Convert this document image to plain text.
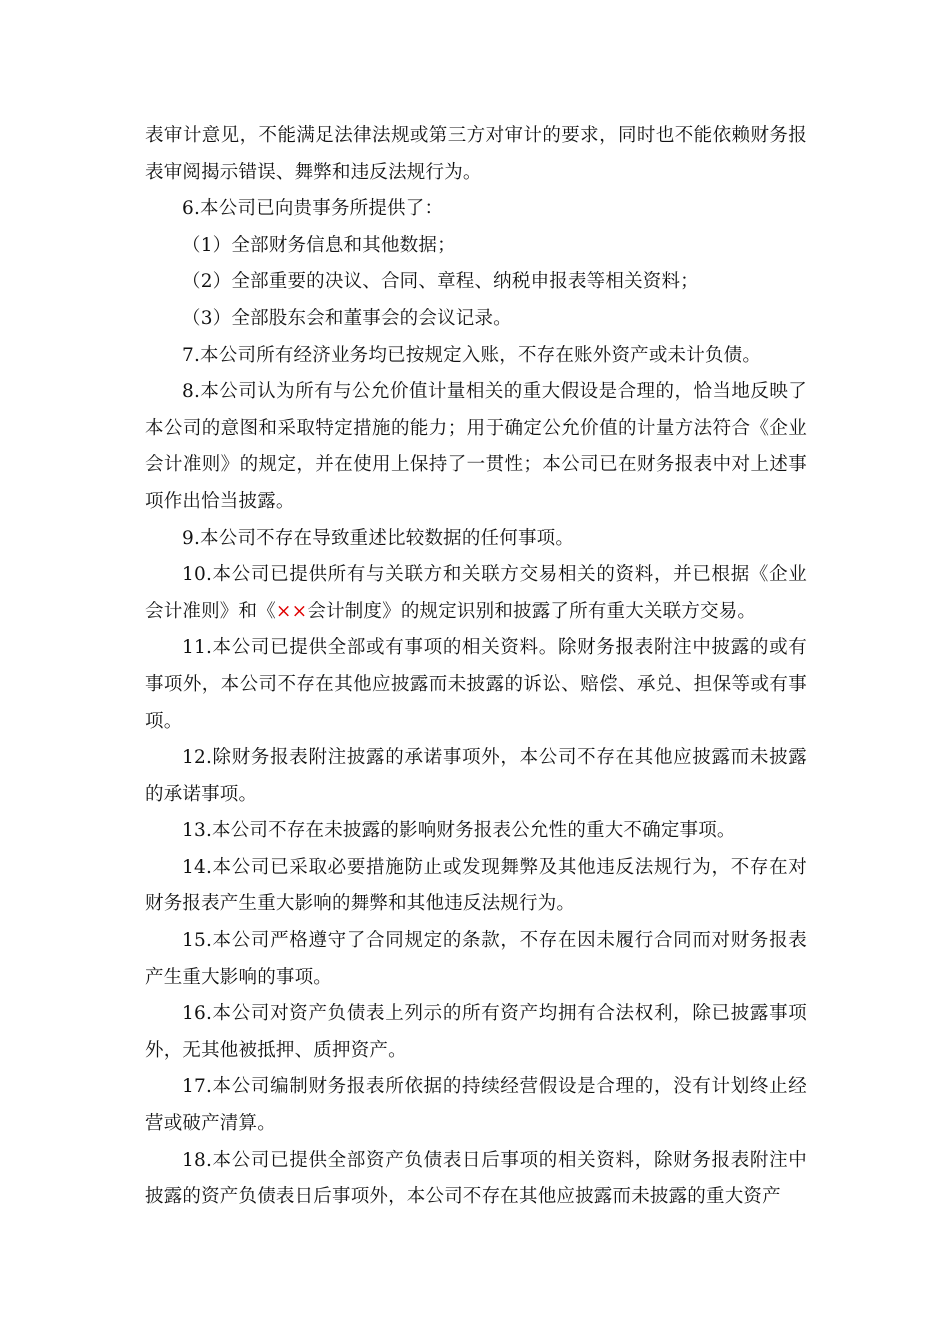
表审计意见，不能满足法律法规或第三方对审计的要求，同时也不能依赖财务报表审阅揭示错误、舞弊和违反法规行为。

6.本公司已向贵事务所提供了：

（1）全部财务信息和其他数据；

（2）全部重要的决议、合同、章程、纳税申报表等相关资料；

（3）全部股东会和董事会的会议记录。

7.本公司所有经济业务均已按规定入账，不存在账外资产或未计负债。

8.本公司认为所有与公允价值计量相关的重大假设是合理的，恰当地反映了本公司的意图和采取特定措施的能力；用于确定公允价值的计量方法符合《企业会计准则》的规定，并在使用上保持了一贯性；本公司已在财务报表中对上述事项作出恰当披露。

9.本公司不存在导致重述比较数据的任何事项。

10.本公司已提供所有与关联方和关联方交易相关的资料，并已根据《企业会计准则》和《××会计制度》的规定识别和披露了所有重大关联方交易。

11.本公司已提供全部或有事项的相关资料。除财务报表附注中披露的或有事项外，本公司不存在其他应披露而未披露的诉讼、赔偿、承兑、担保等或有事项。

12.除财务报表附注披露的承诺事项外，本公司不存在其他应披露而未披露的承诺事项。

13.本公司不存在未披露的影响财务报表公允性的重大不确定事项。

14.本公司已采取必要措施防止或发现舞弊及其他违反法规行为，不存在对财务报表产生重大影响的舞弊和其他违反法规行为。

15.本公司严格遵守了合同规定的条款，不存在因未履行合同而对财务报表产生重大影响的事项。

16.本公司对资产负债表上列示的所有资产均拥有合法权利，除已披露事项外，无其他被抵押、质押资产。

17.本公司编制财务报表所依据的持续经营假设是合理的，没有计划终止经营或破产清算。

18.本公司已提供全部资产负债表日后事项的相关资料，除财务报表附注中披露的资产负债表日后事项外，本公司不存在其他应披露而未披露的重大资产
